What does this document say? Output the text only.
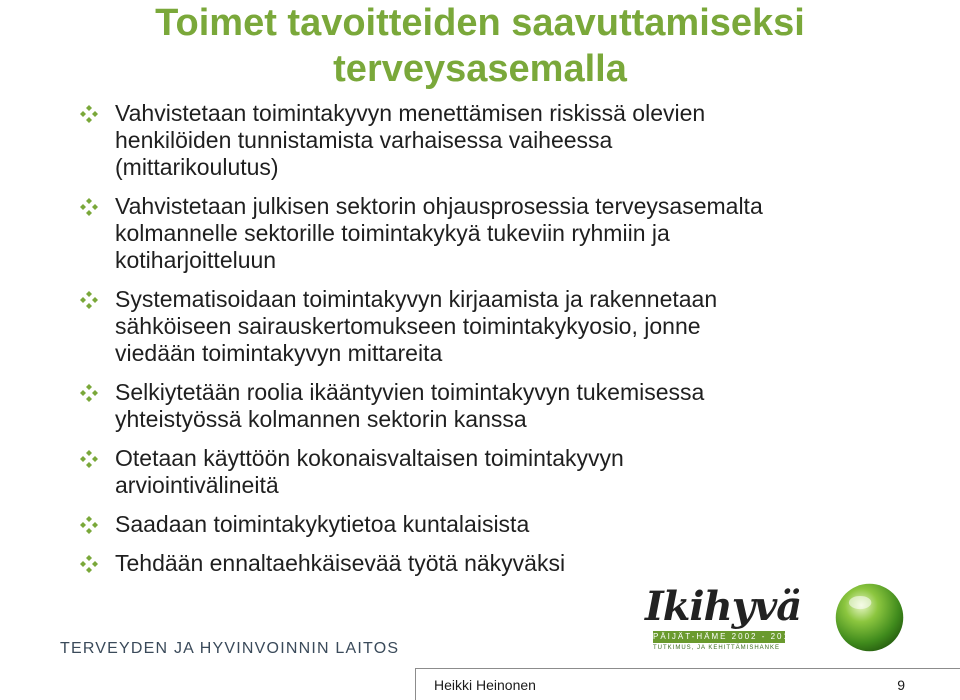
Toimet tavoitteiden saavuttamiseksi
terveysasemalla
Vahvistetaan toimintakyvyn menettämisen riskissä olevien
henkilöiden tunnistamista varhaisessa vaiheessa
(mittarikoulutus)
Vahvistetaan julkisen sektorin ohjausprosessia terveysasemalta
kolmannelle sektorille toimintakykyä tukeviin ryhmiin ja
kotiharjoitteluun
Systematisoidaan toimintakyvyn kirjaamista ja rakennetaan
sähköiseen sairauskertomukseen toimintakykyosio, jonne
viedään toimintakyvyn mittareita
Selkiytetään roolia ikääntyvien toimintakyvyn tukemisessa
yhteistyössä kolmannen sektorin kanssa
Otetaan käyttöön kokonaisvaltaisen toimintakyvyn
arviointivälineitä
Saadaan toimintakykytietoa kuntalaisista
Tehdään ennaltaehkäisevää työtä näkyväksi
TERVEYDEN JA HYVINVOINNIN LAITOS
Ikihyvä
PÄIJÄT-HÄME 2002 - 2012
TUTKIMUS, JA KEHITTÄMISHANKE
Heikki Heinonen	9
